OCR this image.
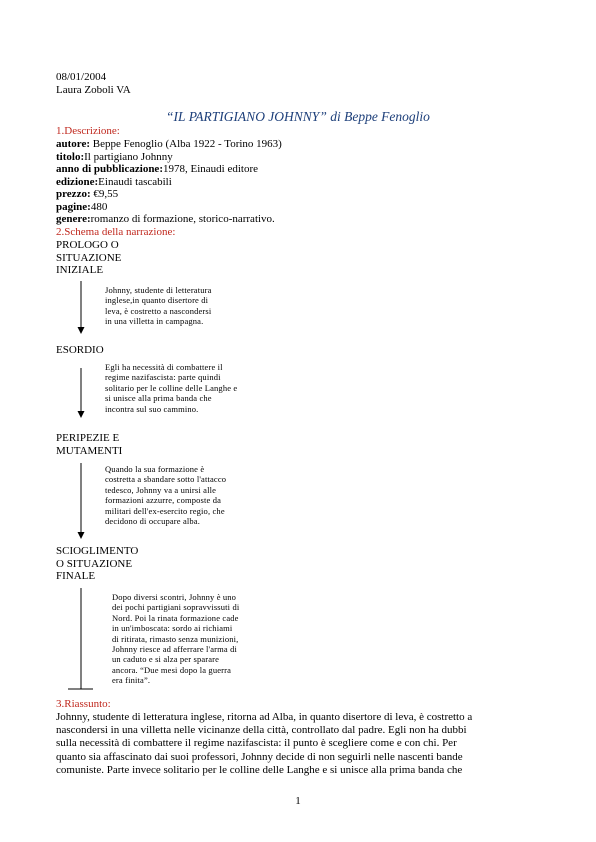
08/01/2004
Laura Zoboli VA
“IL PARTIGIANO JOHNNY” di Beppe Fenoglio
1.Descrizione:
autore: Beppe Fenoglio (Alba 1922 - Torino 1963)
titolo:Il partigiano Johnny
anno di pubblicazione:1978, Einaudi editore
edizione:Einaudi tascabili
prezzo: €9,55
pagine:480
genere:romanzo di formazione, storico-narrativo.
2.Schema della narrazione:
PROLOGO O
SITUAZIONE
INIZIALE
Johnny, studente di letteratura
inglese,in quanto disertore di
leva, è costretto a nascondersi
in una villetta in campagna.
ESORDIO
Egli ha necessità di combattere il
regime nazifascista: parte quindi
solitario per le colline delle Langhe e
si unisce alla prima banda che
incontra sul suo cammino.
PERIPEZIE E
MUTAMENTI
Quando la sua formazione è
costretta a sbandare sotto l'attacco
tedesco, Johnny va a unirsi alle
formazioni azzurre, composte da
militari dell'ex-esercito regio, che
decidono di occupare alba.
SCIOGLIMENTO
O SITUAZIONE
FINALE
Dopo diversi scontri, Johnny è uno
dei pochi partigiani sopravvissuti di
Nord. Poi la rinata formazione cade
in un'imboscata: sordo ai richiami
di ritirata, rimasto senza munizioni,
Johnny riesce ad afferrare l'arma di
un caduto e si alza per sparare
ancora. “Due mesi dopo la guerra
era finita”.
3.Riassunto:
Johnny, studente di letteratura inglese, ritorna ad Alba, in quanto disertore di leva, è costretto a
nascondersi in una villetta nelle vicinanze della città, controllato dal padre. Egli non ha dubbi
sulla necessità di combattere il regime nazifascista: il punto è scegliere come e con chi. Per
quanto sia affascinato dai suoi professori, Johnny decide di non seguirli nelle nascenti bande
comuniste. Parte invece solitario per le colline delle Langhe e si unisce alla prima banda che
1
